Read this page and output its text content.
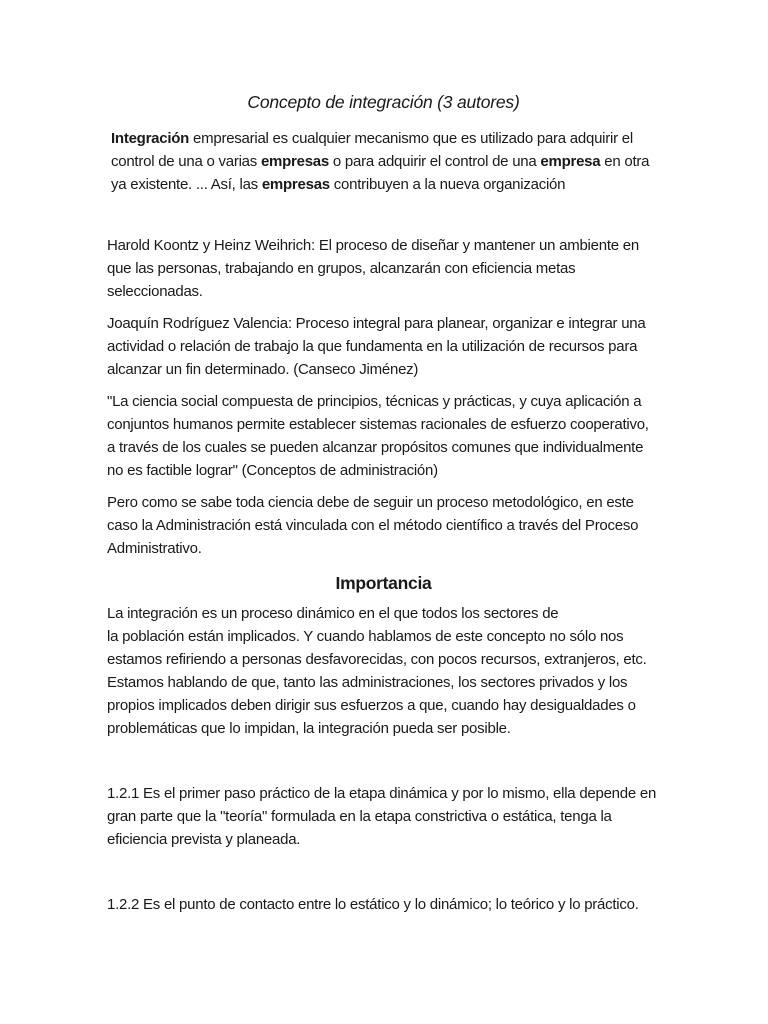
Concepto de integración (3 autores)

Integración empresarial es cualquier mecanismo que es utilizado para adquirir el control de una o varias empresas o para adquirir el control de una empresa en otra ya existente. ... Así, las empresas contribuyen a la nueva organización

Harold Koontz y Heinz Weihrich: El proceso de diseñar y mantener un ambiente en que las personas, trabajando en grupos, alcanzarán con eficiencia metas seleccionadas.

Joaquín Rodríguez Valencia: Proceso integral para planear, organizar e integrar una actividad o relación de trabajo la que fundamenta en la utilización de recursos para alcanzar un fin determinado. (Canseco Jiménez)

"La ciencia social compuesta de principios, técnicas y prácticas, y cuya aplicación a conjuntos humanos permite establecer sistemas racionales de esfuerzo cooperativo, a través de los cuales se pueden alcanzar propósitos comunes que individualmente no es factible lograr" (Conceptos de administración)

Pero como se sabe toda ciencia debe de seguir un proceso metodológico, en este caso la Administración está vinculada con el método científico a través del Proceso Administrativo.

Importancia

La integración es un proceso dinámico en el que todos los sectores de

la población están implicados. Y cuando hablamos de este concepto no sólo nos estamos refiriendo a personas desfavorecidas, con pocos recursos, extranjeros, etc. Estamos hablando de que, tanto las administraciones, los sectores privados y los propios implicados deben dirigir sus esfuerzos a que, cuando hay desigualdades o problemáticas que lo impidan, la integración pueda ser posible.

1.2.1 Es el primer paso práctico de la etapa dinámica y por lo mismo, ella depende en gran parte que la "teoría" formulada en la etapa constrictiva o estática, tenga la eficiencia prevista y planeada.

1.2.2 Es el punto de contacto entre lo estático y lo dinámico; lo teórico y lo práctico.
